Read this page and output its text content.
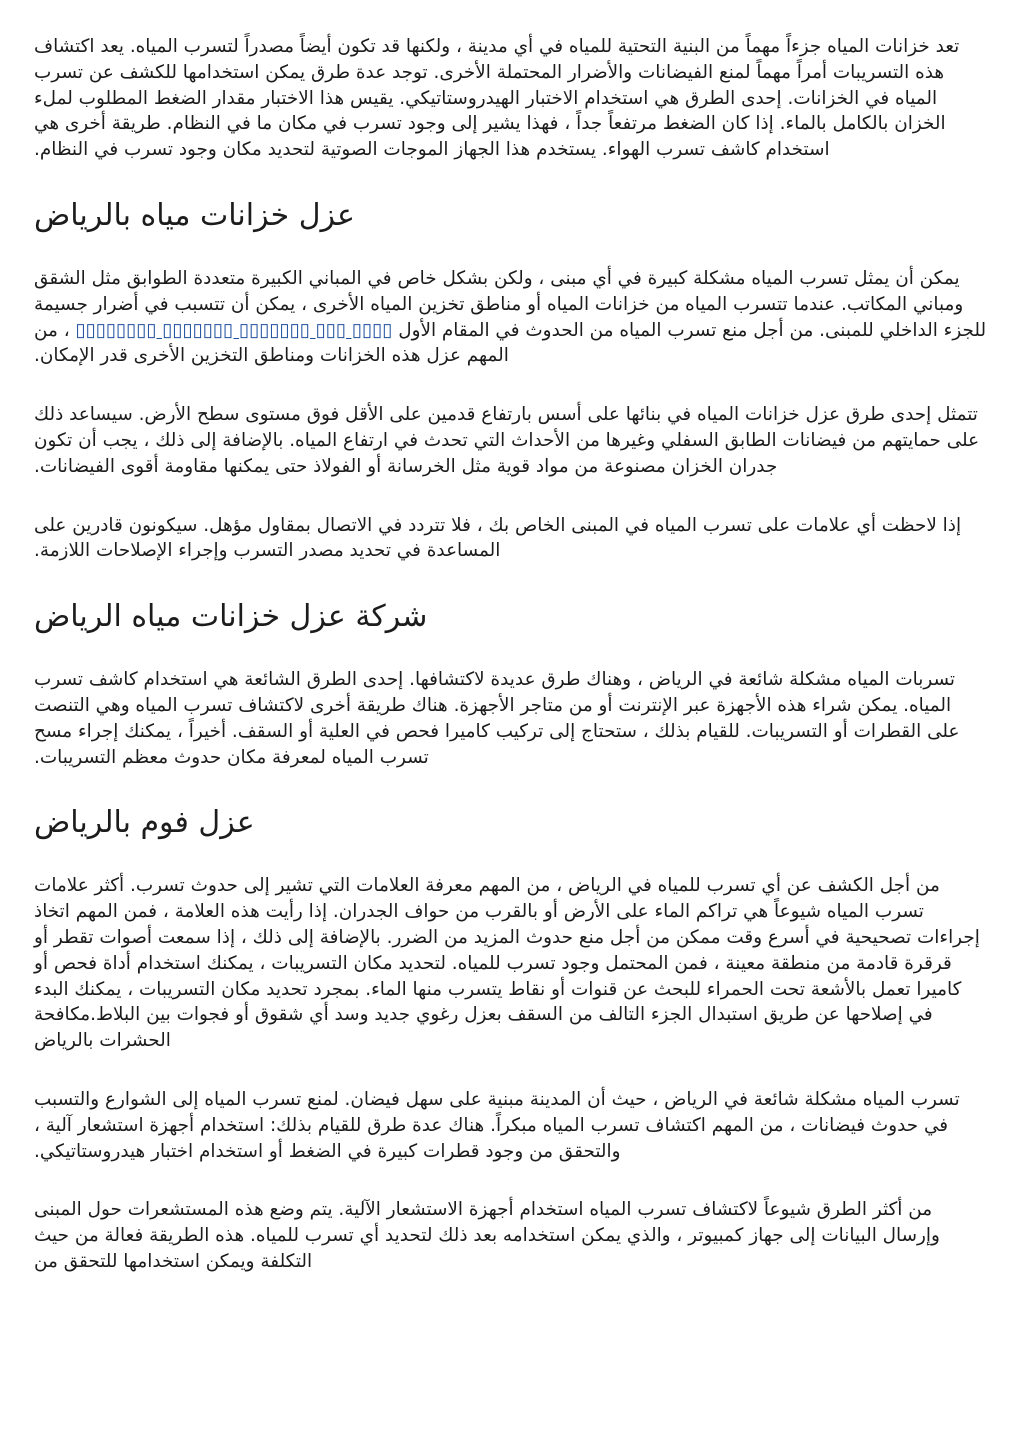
تعد خزانات المياه جزءاً مهماً من البنية التحتية للمياه في أي مدينة ، ولكنها قد تكون أيضاً مصدراً لتسرب المياه. يعد اكتشاف هذه التسريبات أمراً مهماً لمنع الفيضانات والأضرار المحتملة الأخرى. توجد عدة طرق يمكن استخدامها للكشف عن تسرب المياه في الخزانات. إحدى الطرق هي استخدام الاختبار الهيدروستاتيكي. يقيس هذا الاختبار مقدار الضغط المطلوب لملء الخزان بالكامل بالماء. إذا كان الضغط مرتفعاً جداً ، فهذا يشير إلى وجود تسرب في مكان ما في النظام. طريقة أخرى هي استخدام كاشف تسرب الهواء. يستخدم هذا الجهاز الموجات الصوتية لتحديد مكان وجود تسرب في النظام.

عزل خزانات مياه بالرياض

يمكن أن يمثل تسرب المياه مشكلة كبيرة في أي مبنى ، ولكن بشكل خاص في المباني الكبيرة متعددة الطوابق مثل الشقق ومباني المكاتب. عندما تتسرب المياه من خزانات المياه أو مناطق تخزين المياه الأخرى ، يمكن أن تتسبب في أضرار جسيمة للجزء الداخلي للمبنى. من أجل منع تسرب المياه من الحدوث في المقام الأول ▯▯▯▯ ▯▯▯ ▯▯▯▯▯▯▯ ▯▯▯▯▯▯▯ ▯▯▯▯▯▯▯▯ ، من المهم عزل هذه الخزانات ومناطق التخزين الأخرى قدر الإمكان.

تتمثل إحدى طرق عزل خزانات المياه في بنائها على أسس بارتفاع قدمين على الأقل فوق مستوى سطح الأرض. سيساعد ذلك على حمايتهم من فيضانات الطابق السفلي وغيرها من الأحداث التي تحدث في ارتفاع المياه. بالإضافة إلى ذلك ، يجب أن تكون جدران الخزان مصنوعة من مواد قوية مثل الخرسانة أو الفولاذ حتى يمكنها مقاومة أقوى الفيضانات.

إذا لاحظت أي علامات على تسرب المياه في المبنى الخاص بك ، فلا تتردد في الاتصال بمقاول مؤهل. سيكونون قادرين على المساعدة في تحديد مصدر التسرب وإجراء الإصلاحات اللازمة.

شركة عزل خزانات مياه الرياض

تسربات المياه مشكلة شائعة في الرياض ، وهناك طرق عديدة لاكتشافها. إحدى الطرق الشائعة هي استخدام كاشف تسرب المياه. يمكن شراء هذه الأجهزة عبر الإنترنت أو من متاجر الأجهزة. هناك طريقة أخرى لاكتشاف تسرب المياه وهي التنصت على القطرات أو التسريبات. للقيام بذلك ، ستحتاج إلى تركيب كاميرا فحص في العلية أو السقف. أخيراً ، يمكنك إجراء مسح تسرب المياه لمعرفة مكان حدوث معظم التسريبات.

عزل فوم بالرياض

من أجل الكشف عن أي تسرب للمياه في الرياض ، من المهم معرفة العلامات التي تشير إلى حدوث تسرب. أكثر علامات تسرب المياه شيوعاً هي تراكم الماء على الأرض أو بالقرب من حواف الجدران. إذا رأيت هذه العلامة ، فمن المهم اتخاذ إجراءات تصحيحية في أسرع وقت ممكن من أجل منع حدوث المزيد من الضرر. بالإضافة إلى ذلك ، إذا سمعت أصوات تقطر أو قرقرة قادمة من منطقة معينة ، فمن المحتمل وجود تسرب للمياه. لتحديد مكان التسريبات ، يمكنك استخدام أداة فحص أو كاميرا تعمل بالأشعة تحت الحمراء للبحث عن قنوات أو نقاط يتسرب منها الماء. بمجرد تحديد مكان التسريبات ، يمكنك البدء في إصلاحها عن طريق استبدال الجزء التالف من السقف بعزل رغوي جديد وسد أي شقوق أو فجوات بين البلاط.مكافحة الحشرات بالرياض

تسرب المياه مشكلة شائعة في الرياض ، حيث أن المدينة مبنية على سهل فيضان. لمنع تسرب المياه إلى الشوارع والتسبب في حدوث فيضانات ، من المهم اكتشاف تسرب المياه مبكراً. هناك عدة طرق للقيام بذلك: استخدام أجهزة استشعار آلية ، والتحقق من وجود قطرات كبيرة في الضغط أو استخدام اختبار هيدروستاتيكي.

من أكثر الطرق شيوعاً لاكتشاف تسرب المياه استخدام أجهزة الاستشعار الآلية. يتم وضع هذه المستشعرات حول المبنى وإرسال البيانات إلى جهاز كمبيوتر ، والذي يمكن استخدامه بعد ذلك لتحديد أي تسرب للمياه. هذه الطريقة فعالة من حيث التكلفة ويمكن استخدامها للتحقق من
